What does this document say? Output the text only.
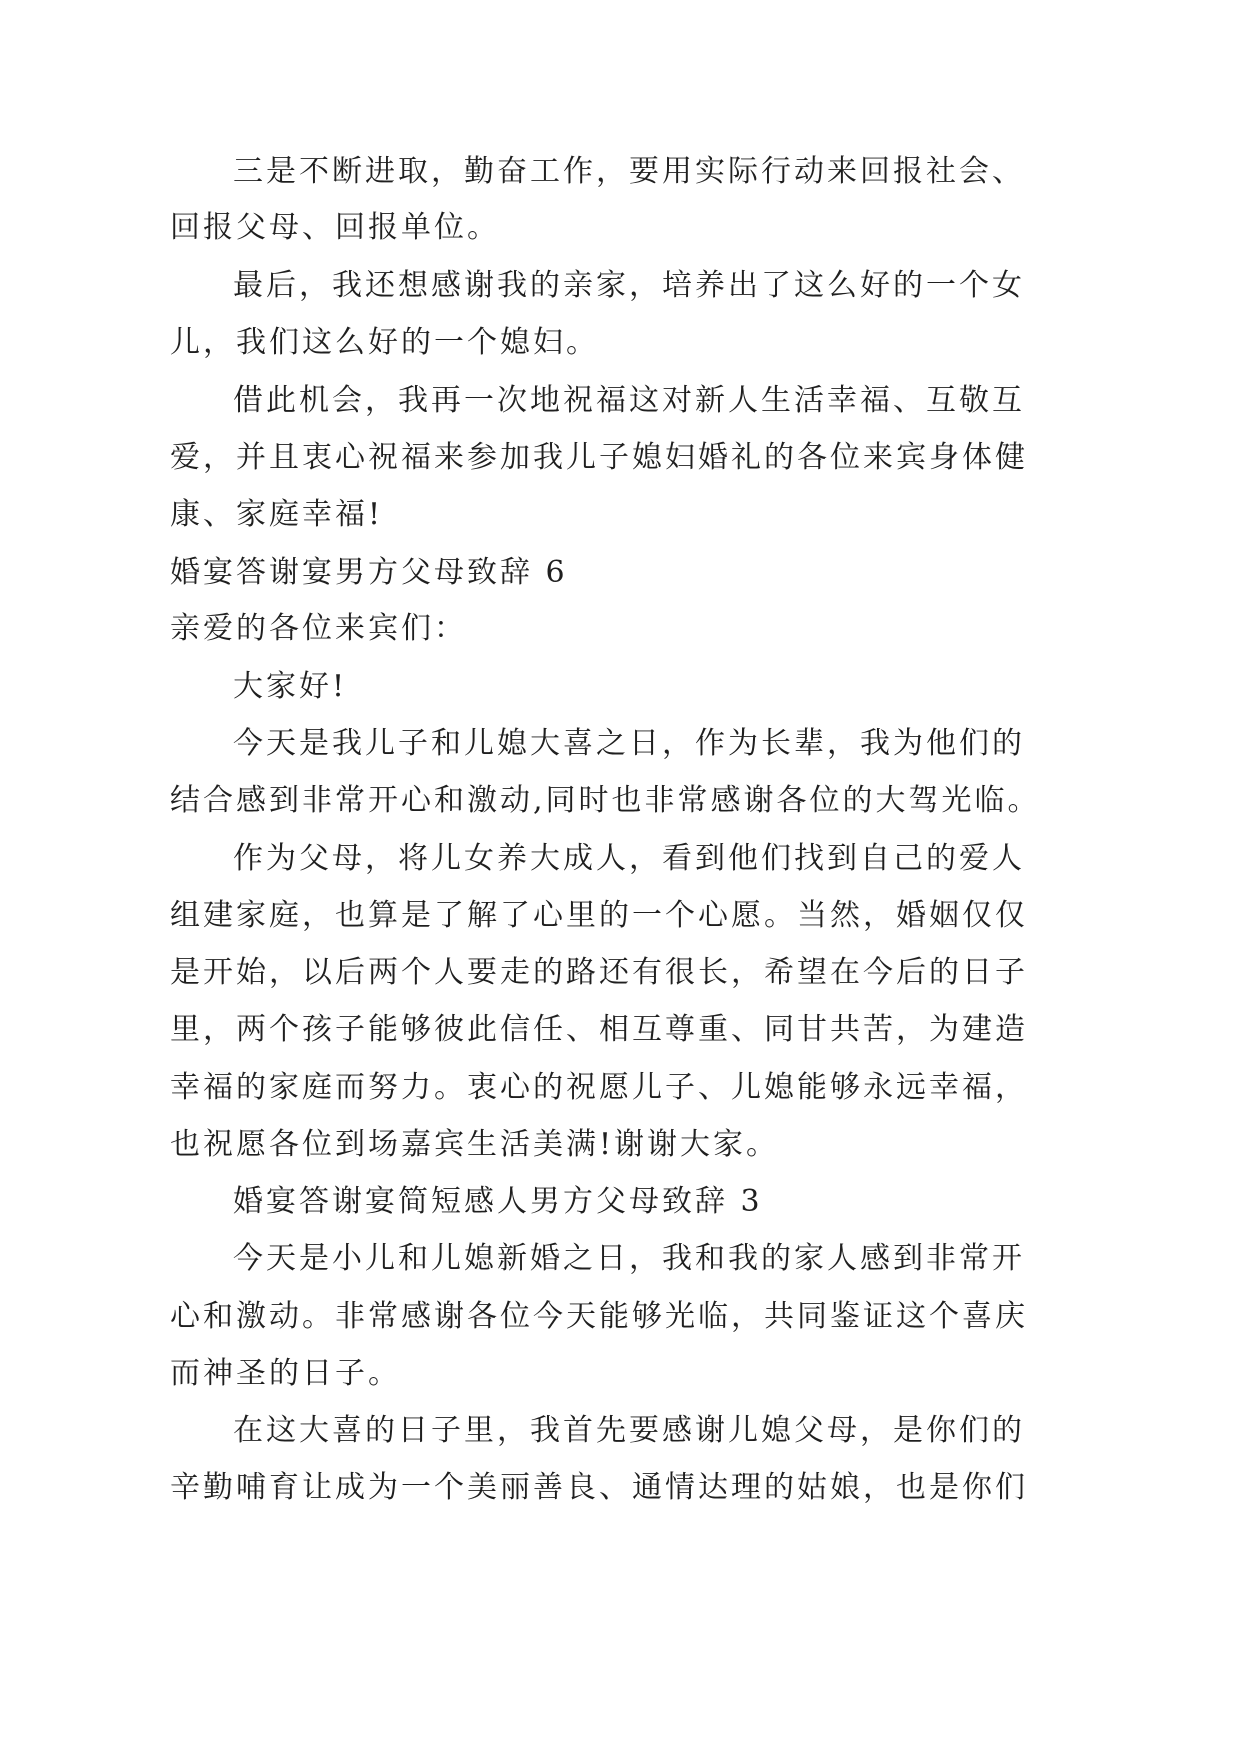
三是不断进取，勤奋工作，要用实际行动来回报社会、
回报父母、回报单位。
最后，我还想感谢我的亲家，培养出了这么好的一个女
儿，我们这么好的一个媳妇。
借此机会，我再一次地祝福这对新人生活幸福、互敬互
爱，并且衷心祝福来参加我儿子媳妇婚礼的各位来宾身体健
康、家庭幸福!
婚宴答谢宴男方父母致辞 6
亲爱的各位来宾们：
大家好!
今天是我儿子和儿媳大喜之日，作为长辈，我为他们的
结合感到非常开心和激动,同时也非常感谢各位的大驾光临。
作为父母，将儿女养大成人，看到他们找到自己的爱人
组建家庭，也算是了解了心里的一个心愿。当然，婚姻仅仅
是开始，以后两个人要走的路还有很长，希望在今后的日子
里，两个孩子能够彼此信任、相互尊重、同甘共苦，为建造
幸福的家庭而努力。衷心的祝愿儿子、儿媳能够永远幸福，
也祝愿各位到场嘉宾生活美满!谢谢大家。
婚宴答谢宴简短感人男方父母致辞 3
今天是小儿和儿媳新婚之日，我和我的家人感到非常开
心和激动。非常感谢各位今天能够光临，共同鉴证这个喜庆
而神圣的日子。
在这大喜的日子里，我首先要感谢儿媳父母，是你们的
辛勤哺育让成为一个美丽善良、通情达理的姑娘，也是你们
